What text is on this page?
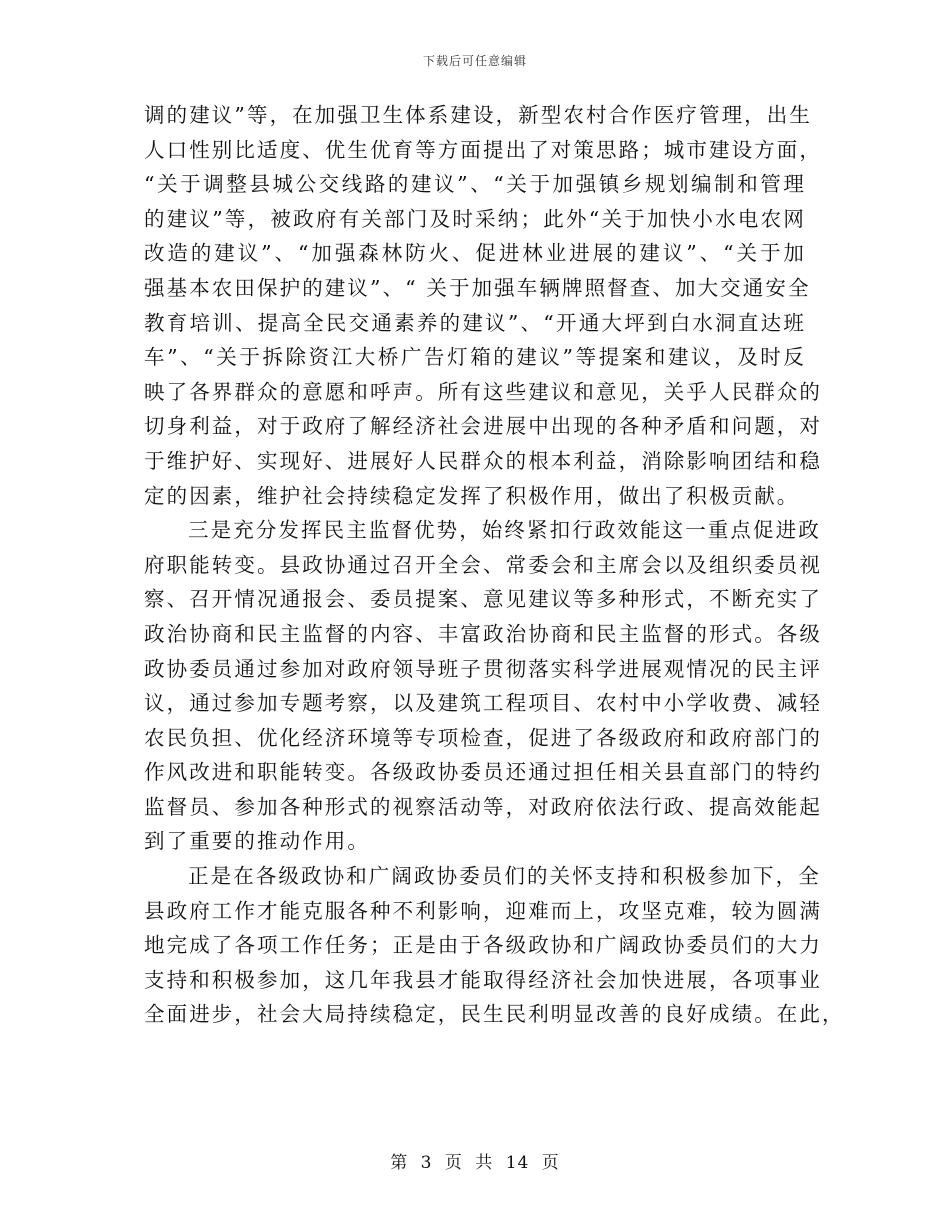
下载后可任意编辑
调的建议”等，在加强卫生体系建设，新型农村合作医疗管理，出生
人口性别比适度、优生优育等方面提出了对策思路；城市建设方面，
“关于调整县城公交线路的建议”、“关于加强镇乡规划编制和管理
的建议”等，被政府有关部门及时采纳；此外“关于加快小水电农网
改造的建议”、“加强森林防火、促进林业进展的建议”、“关于加
强基本农田保护的建议”、“ 关于加强车辆牌照督查、加大交通安全
教育培训、提高全民交通素养的建议”、“开通大坪到白水洞直达班
车”、“关于拆除资江大桥广告灯箱的建议”等提案和建议，及时反
映了各界群众的意愿和呼声。所有这些建议和意见，关乎人民群众的
切身利益，对于政府了解经济社会进展中出现的各种矛盾和问题，对
于维护好、实现好、进展好人民群众的根本利益，消除影响团结和稳
定的因素，维护社会持续稳定发挥了积极作用，做出了积极贡献。
三是充分发挥民主监督优势，始终紧扣行政效能这一重点促进政
府职能转变。县政协通过召开全会、常委会和主席会以及组织委员视
察、召开情况通报会、委员提案、意见建议等多种形式，不断充实了
政治协商和民主监督的内容、丰富政治协商和民主监督的形式。各级
政协委员通过参加对政府领导班子贯彻落实科学进展观情况的民主评
议，通过参加专题考察，以及建筑工程项目、农村中小学收费、减轻
农民负担、优化经济环境等专项检查，促进了各级政府和政府部门的
作风改进和职能转变。各级政协委员还通过担任相关县直部门的特约
监督员、参加各种形式的视察活动等，对政府依法行政、提高效能起
到了重要的推动作用。
正是在各级政协和广阔政协委员们的关怀支持和积极参加下，全
县政府工作才能克服各种不利影响，迎难而上，攻坚克难，较为圆满
地完成了各项工作任务；正是由于各级政协和广阔政协委员们的大力
支持和积极参加，这几年我县才能取得经济社会加快进展，各项事业
全面进步，社会大局持续稳定，民生民利明显改善的良好成绩。在此，
第 3 页 共 14 页
